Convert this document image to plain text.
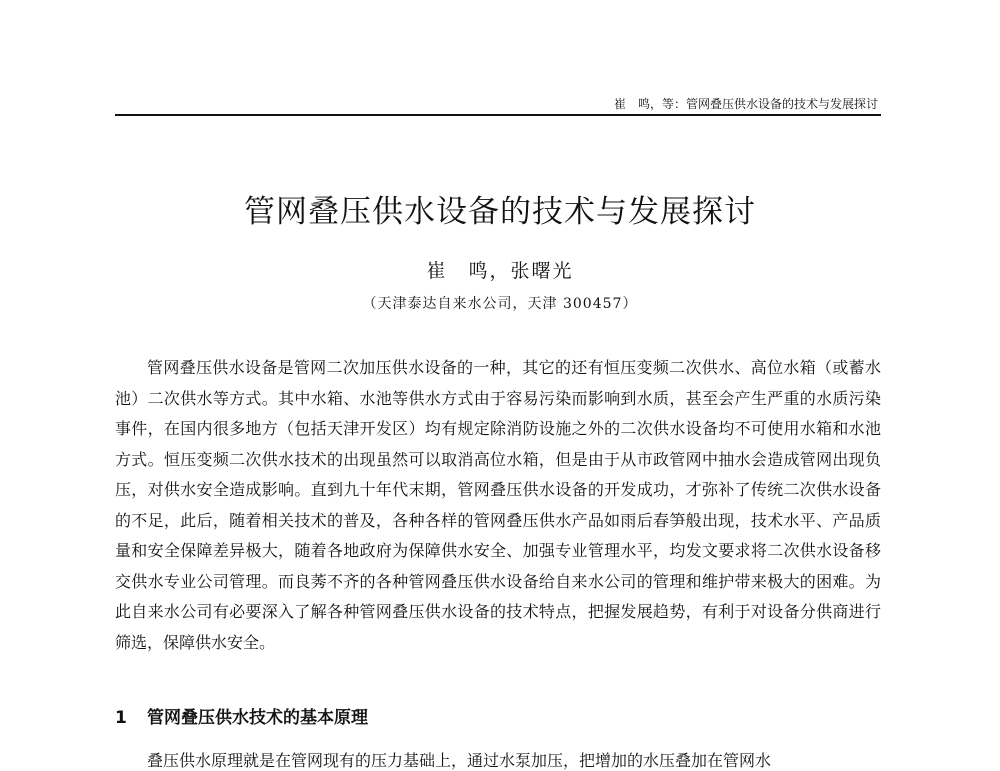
崔　鸣，等：管网叠压供水设备的技术与发展探讨
管网叠压供水设备的技术与发展探讨
崔　鸣，张曙光
（天津泰达自来水公司，天津 300457）

管网叠压供水设备是管网二次加压供水设备的一种，其它的还有恒压变频二次供水、高位水箱（或蓄水池）二次供水等方式。其中水箱、水池等供水方式由于容易污染而影响到水质，甚至会产生严重的水质污染事件，在国内很多地方（包括天津开发区）均有规定除消防设施之外的二次供水设备均不可使用水箱和水池方式。恒压变频二次供水技术的出现虽然可以取消高位水箱，但是由于从市政管网中抽水会造成管网出现负压，对供水安全造成影响。直到九十年代末期，管网叠压供水设备的开发成功，才弥补了传统二次供水设备的不足，此后，随着相关技术的普及，各种各样的管网叠压供水产品如雨后春笋般出现，技术水平、产品质量和安全保障差异极大，随着各地政府为保障供水安全、加强专业管理水平，均发文要求将二次供水设备移交供水专业公司管理。而良莠不齐的各种管网叠压供水设备给自来水公司的管理和维护带来极大的困难。为此自来水公司有必要深入了解各种管网叠压供水设备的技术特点，把握发展趋势，有利于对设备分供商进行筛选，保障供水安全。

1 管网叠压供水技术的基本原理

叠压供水原理就是在管网现有的压力基础上，通过水泵加压，把增加的水压叠加在管网水
